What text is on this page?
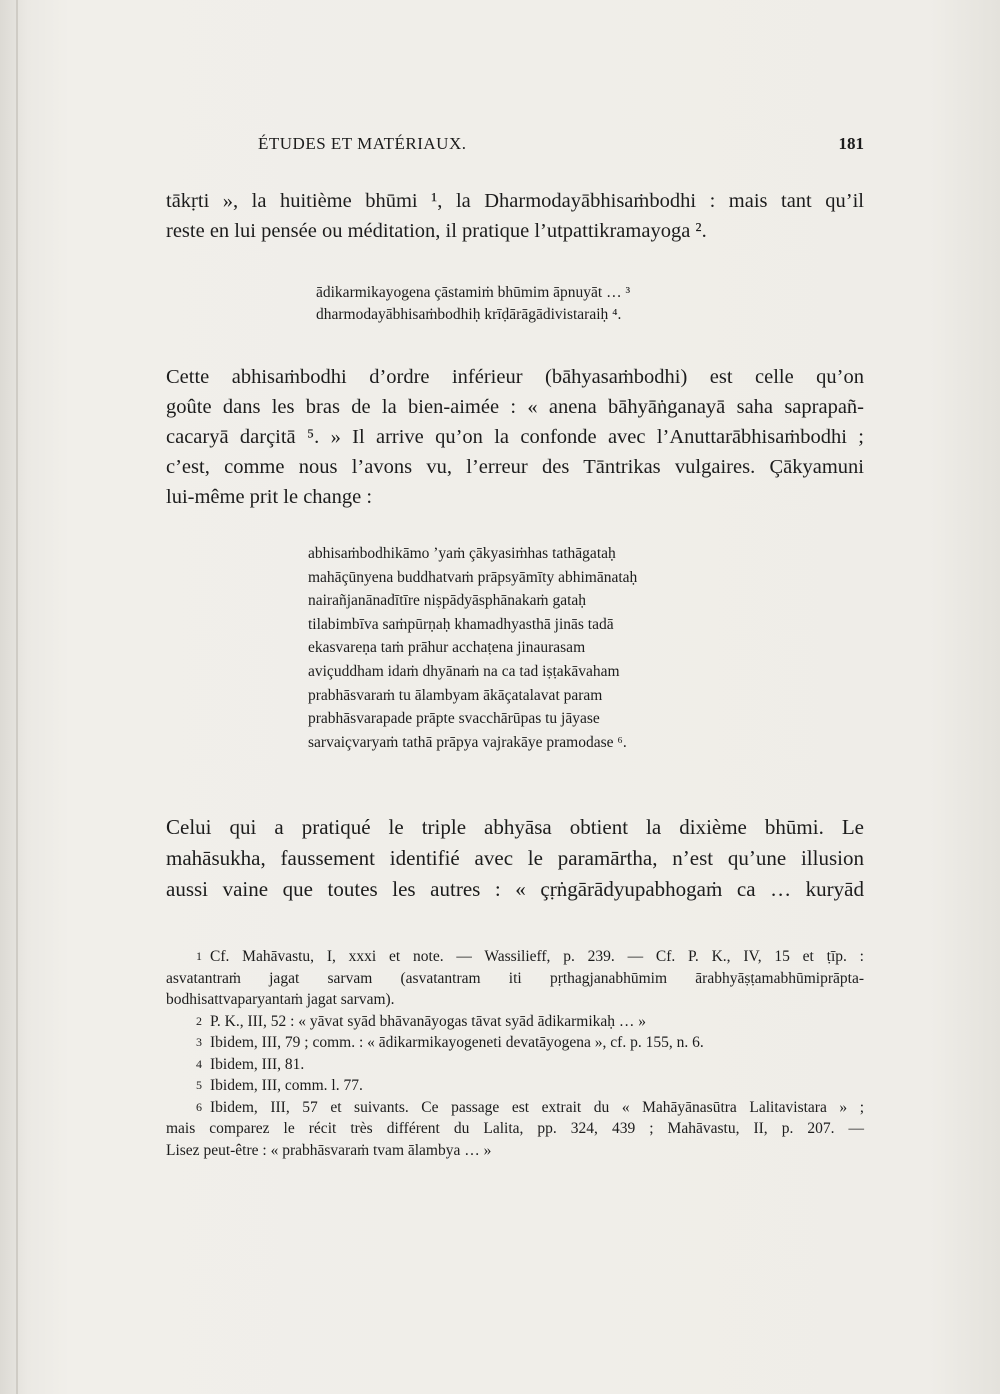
ÉTUDES ET MATÉRIAUX.	181

tākṛti », la huitième bhūmi ¹, la Dharmodayābhisaṁbodhi : mais tant qu’il
reste en lui pensée ou méditation, il pratique l’utpattikramayoga ².

ādikarmikayogena çāstamiṁ bhūmim āpnuyāt … ³
dharmodayābhisaṁbodhiḥ krīḍārāgādivistaraiḥ ⁴.

Cette abhisaṁbodhi d’ordre inférieur (bāhyasaṁbodhi) est celle qu’on
goûte dans les bras de la bien-aimée : « anena bāhyāṅganayā saha saprapañ-
cacaryā darçitā ⁵. » Il arrive qu’on la confonde avec l’Anuttarābhisaṁbodhi ;
c’est, comme nous l’avons vu, l’erreur des Tāntrikas vulgaires. Çākyamuni
lui-même prit le change :

abhisaṁbodhikāmo ’yaṁ çākyasiṁhas tathāgataḥ
mahāçūnyena buddhatvaṁ prāpsyāmīty abhimānataḥ
nairañjanānadītīre niṣpādyāsphānakaṁ gataḥ
tilabimbīva saṁpūrṇaḥ khamadhyasthā jinās tadā
ekasvareṇa taṁ prāhur acchaṭena jinaurasam
aviçuddham idaṁ dhyānaṁ na ca tad iṣṭakāvaham
prabhāsvaraṁ tu ālambyam ākāçatalavat param
prabhāsvarapade prāpte svacchārūpas tu jāyase
sarvaiçvaryaṁ tathā prāpya vajrakāye pramodase ⁶.

Celui qui a pratiqué le triple abhyāsa obtient la dixième bhūmi. Le
mahāsukha, faussement identifié avec le paramārtha, n’est qu’une illusion
aussi vaine que toutes les autres : « çṛṅgārādyupabhogaṁ ca … kuryād

1 Cf. Mahāvastu, I, xxxi et note. — Wassilieff, p. 239. — Cf. P. K., IV, 15 et ṭīp. :
asvatantraṁ jagat sarvam (asvatantram iti pṛthagjanabhūmim ārabhyāṣṭamabhūmiprāpta-
bodhisattvaparyantaṁ jagat sarvam).
2 P. K., III, 52 : « yāvat syād bhāvanāyogas tāvat syād ādikarmikaḥ … »
3 Ibidem, III, 79 ; comm. : « ādikarmikayogeneti devatāyogena », cf. p. 155, n. 6.
4 Ibidem, III, 81.
5 Ibidem, III, comm. l. 77.
6 Ibidem, III, 57 et suivants. Ce passage est extrait du « Mahāyānasūtra Lalitavistara » ;
mais comparez le récit très différent du Lalita, pp. 324, 439 ; Mahāvastu, II, p. 207. —
Lisez peut-être : « prabhāsvaraṁ tvam ālambya … »
